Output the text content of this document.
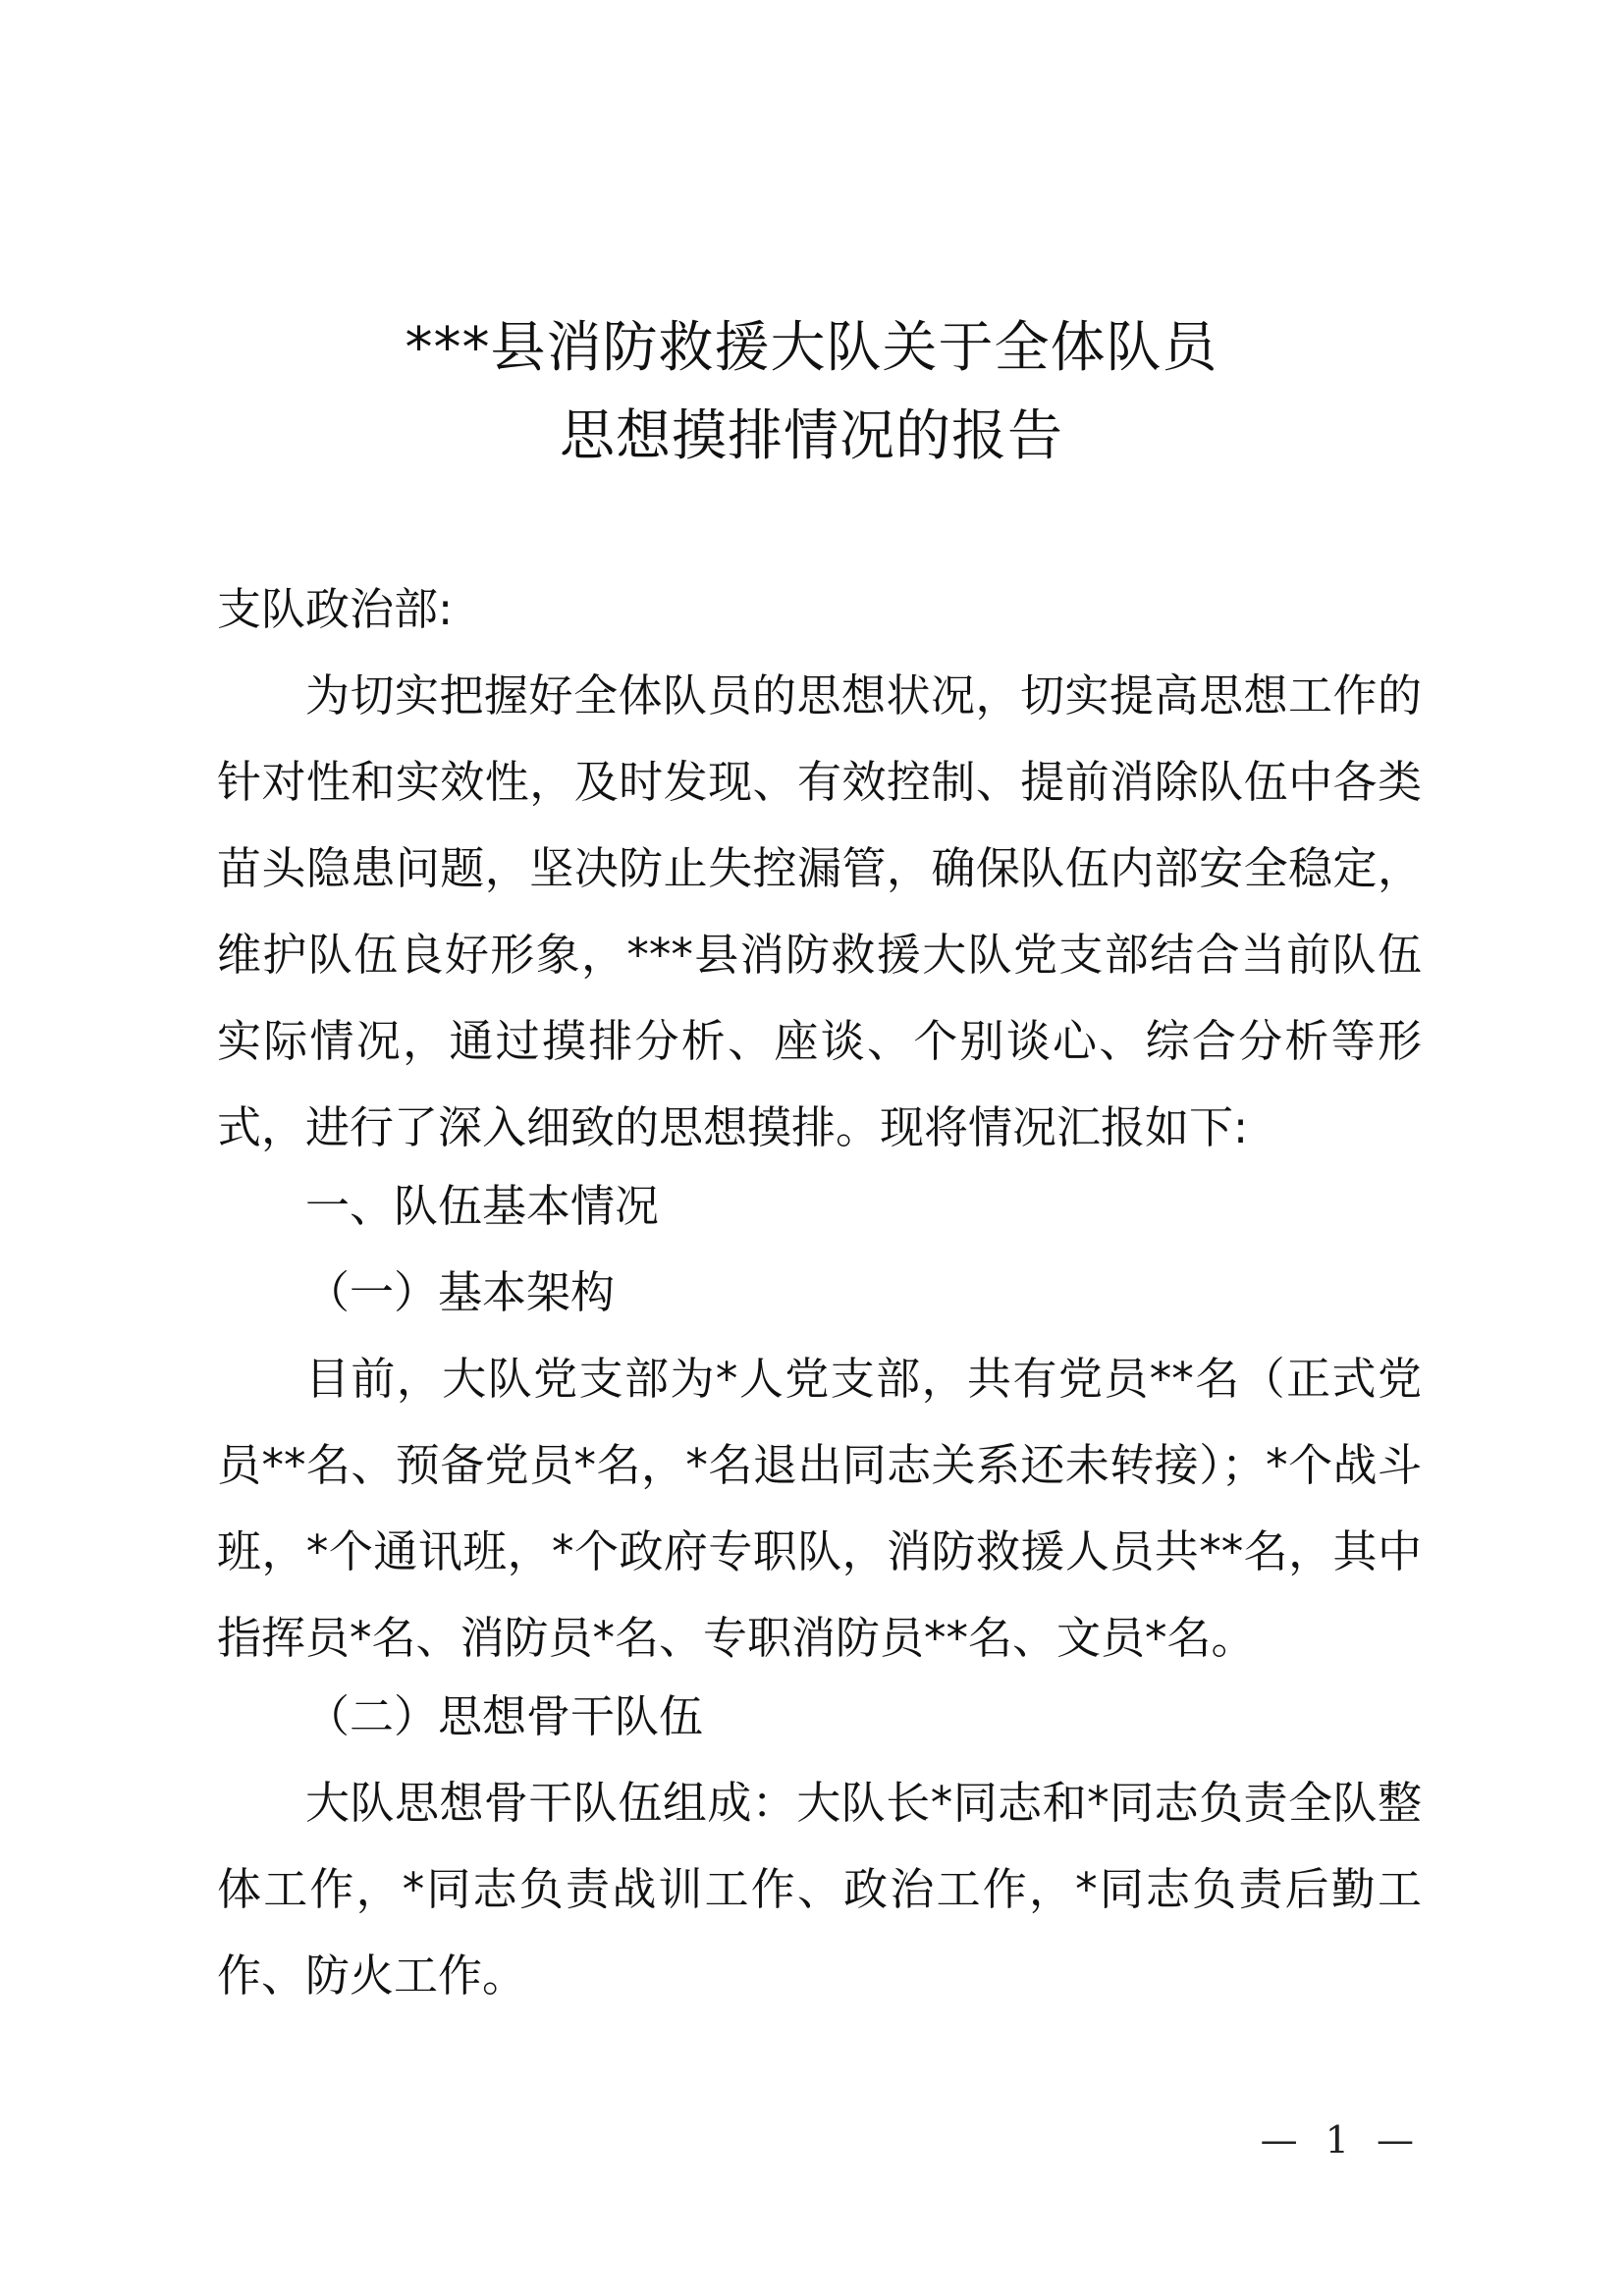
***县消防救援大队关于全体队员
思想摸排情况的报告
支队政治部:

为切实把握好全体队员的思想状况，切实提高思想工作的针对性和实效性，及时发现、有效控制、提前消除队伍中各类苗头隐患问题，坚决防止失控漏管，确保队伍内部安全稳定，维护队伍良好形象，***县消防救援大队党支部结合当前队伍实际情况，通过摸排分析、座谈、个别谈心、综合分析等形式，进行了深入细致的思想摸排。现将情况汇报如下:

一、队伍基本情况
（一）基本架构

目前，大队党支部为*人党支部，共有党员**名（正式党员**名、预备党员*名，*名退出同志关系还未转接）；*个战斗班，*个通讯班，*个政府专职队，消防救援人员共**名，其中指挥员*名、消防员*名、专职消防员**名、文员*名。

（二）思想骨干队伍

大队思想骨干队伍组成：大队长*同志和*同志负责全队整体工作，*同志负责战训工作、政治工作，*同志负责后勤工作、防火工作。

— 1 —
